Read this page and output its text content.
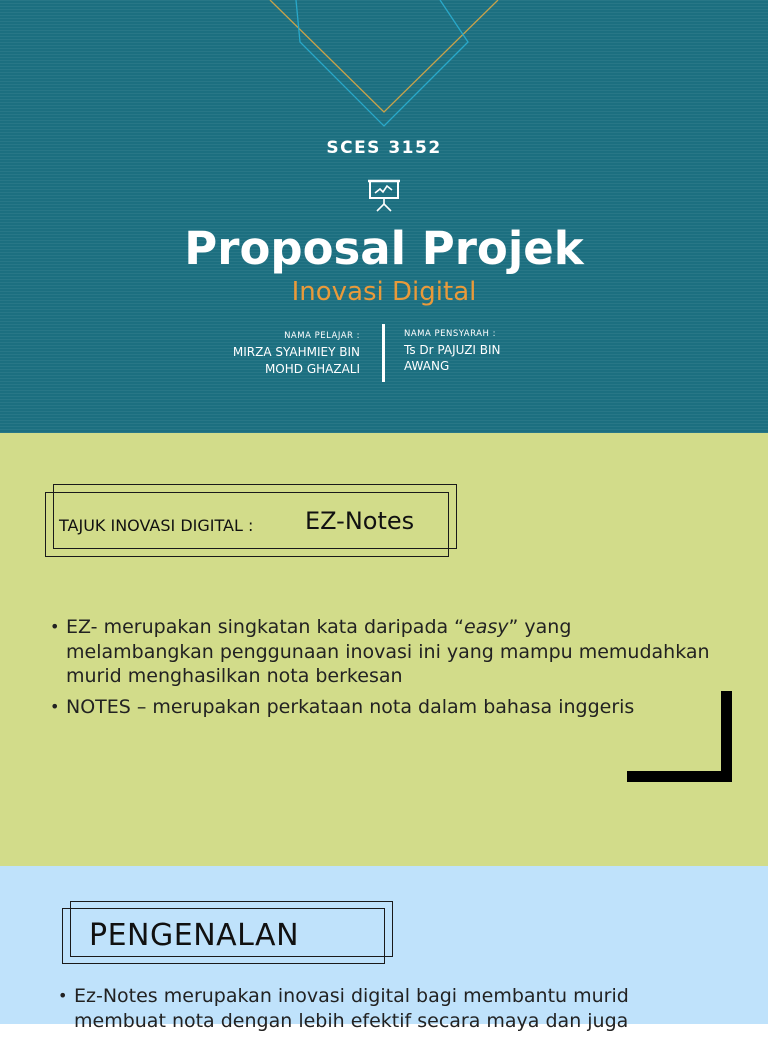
SCES 3152
Proposal Projek
Inovasi Digital
NAMA PELAJAR :
MIRZA SYAHMIEY BIN
MOHD GHAZALI
NAMA PENSYARAH :
Ts Dr PAJUZI BIN
AWANG
TAJUK INOVASI DIGITAL : EZ-Notes
• EZ- merupakan singkatan kata daripada “easy” yang melambangkan penggunaan inovasi ini yang mampu memudahkan murid menghasilkan nota berkesan
• NOTES – merupakan perkataan nota dalam bahasa inggeris
PENGENALAN
• Ez-Notes merupakan inovasi digital bagi membantu murid membuat nota dengan lebih efektif secara maya dan juga
